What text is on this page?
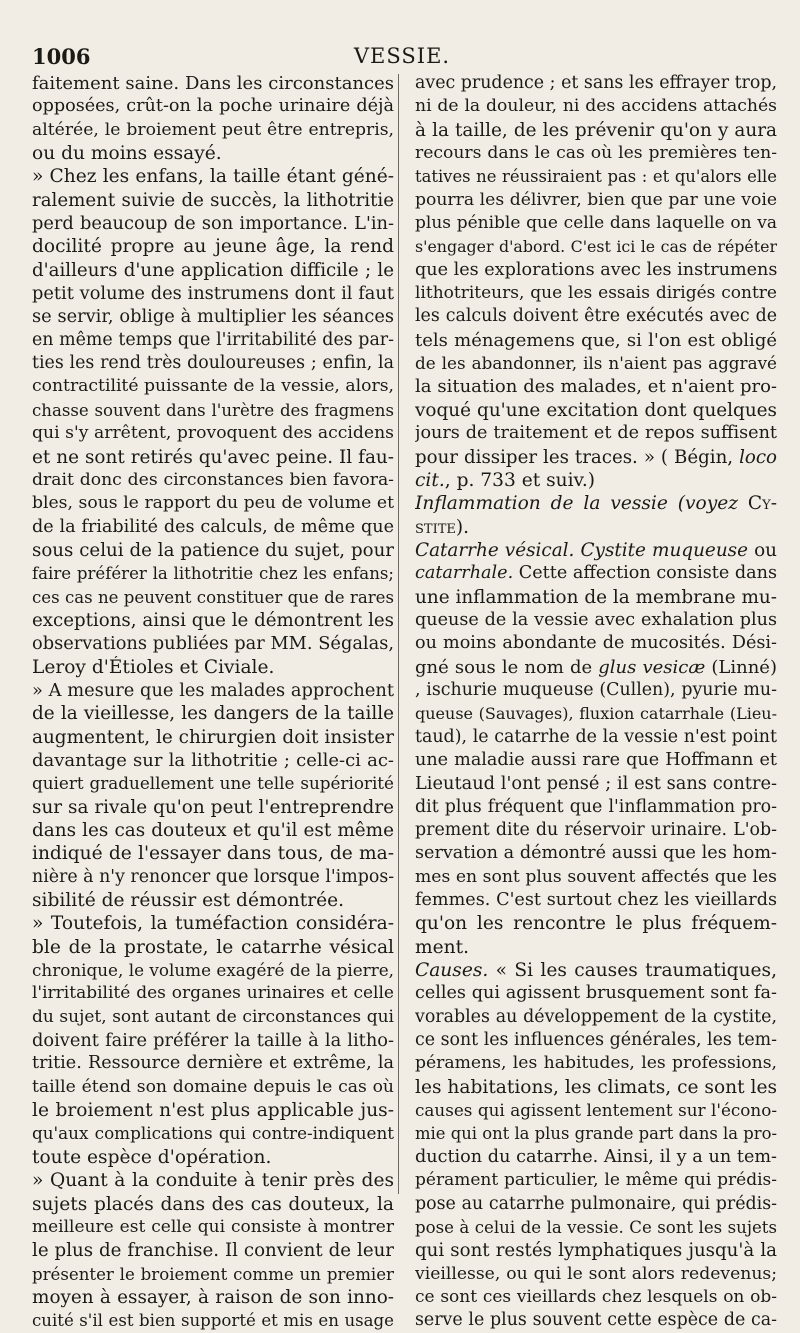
1006	VESSIE.
faitement saine. Dans les circonstances
opposées, crût-on la poche urinaire déjà
altérée, le broiement peut être entrepris,
ou du moins essayé.
» Chez les enfans, la taille étant géné-
ralement suivie de succès, la lithotritie
perd beaucoup de son importance. L'in-
docilité propre au jeune âge, la rend
d'ailleurs d'une application difficile ; le
petit volume des instrumens dont il faut
se servir, oblige à multiplier les séances
en même temps que l'irritabilité des par-
ties les rend très douloureuses ; enfin, la
contractilité puissante de la vessie, alors,
chasse souvent dans l'urètre des fragmens
qui s'y arrêtent, provoquent des accidens
et ne sont retirés qu'avec peine. Il fau-
drait donc des circonstances bien favora-
bles, sous le rapport du peu de volume et
de la friabilité des calculs, de même que
sous celui de la patience du sujet, pour
faire préférer la lithotritie chez les enfans;
ces cas ne peuvent constituer que de rares
exceptions, ainsi que le démontrent les
observations publiées par MM. Ségalas,
Leroy d'Étioles et Civiale.
» A mesure que les malades approchent
de la vieillesse, les dangers de la taille
augmentent, le chirurgien doit insister
davantage sur la lithotritie ; celle-ci ac-
quiert graduellement une telle supériorité
sur sa rivale qu'on peut l'entreprendre
dans les cas douteux et qu'il est même
indiqué de l'essayer dans tous, de ma-
nière à n'y renoncer que lorsque l'impos-
sibilité de réussir est démontrée.
» Toutefois, la tuméfaction considéra-
ble de la prostate, le catarrhe vésical
chronique, le volume exagéré de la pierre,
l'irritabilité des organes urinaires et celle
du sujet, sont autant de circonstances qui
doivent faire préférer la taille à la litho-
tritie. Ressource dernière et extrême, la
taille étend son domaine depuis le cas où
le broiement n'est plus applicable jus-
qu'aux complications qui contre-indiquent
toute espèce d'opération.
» Quant à la conduite à tenir près des
sujets placés dans des cas douteux, la
meilleure est celle qui consiste à montrer
le plus de franchise. Il convient de leur
présenter le broiement comme un premier
moyen à essayer, à raison de son inno-
cuité s'il est bien supporté et mis en usage
avec prudence ; et sans les effrayer trop,
ni de la douleur, ni des accidens attachés
à la taille, de les prévenir qu'on y aura
recours dans le cas où les premières ten-
tatives ne réussiraient pas : et qu'alors elle
pourra les délivrer, bien que par une voie
plus pénible que celle dans laquelle on va
s'engager d'abord. C'est ici le cas de répéter
que les explorations avec les instrumens
lithotriteurs, que les essais dirigés contre
les calculs doivent être exécutés avec de
tels ménagemens que, si l'on est obligé
de les abandonner, ils n'aient pas aggravé
la situation des malades, et n'aient pro-
voqué qu'une excitation dont quelques
jours de traitement et de repos suffisent
pour dissiper les traces. » ( Bégin, loco
cit., p. 733 et suiv.)
Inflammation de la vessie (voyez Cy-
stite).
Catarrhe vésical. Cystite muqueuse ou
catarrhale. Cette affection consiste dans
une inflammation de la membrane mu-
queuse de la vessie avec exhalation plus
ou moins abondante de mucosités. Dési-
gné sous le nom de glus vesicæ (Linné)
, ischurie muqueuse (Cullen), pyurie mu-
queuse (Sauvages), fluxion catarrhale (Lieu-
taud), le catarrhe de la vessie n'est point
une maladie aussi rare que Hoffmann et
Lieutaud l'ont pensé ; il est sans contre-
dit plus fréquent que l'inflammation pro-
prement dite du réservoir urinaire. L'ob-
servation a démontré aussi que les hom-
mes en sont plus souvent affectés que les
femmes. C'est surtout chez les vieillards
qu'on les rencontre le plus fréquem-
ment.
Causes. « Si les causes traumatiques,
celles qui agissent brusquement sont fa-
vorables au développement de la cystite,
ce sont les influences générales, les tem-
péramens, les habitudes, les professions,
les habitations, les climats, ce sont les
causes qui agissent lentement sur l'écono-
mie qui ont la plus grande part dans la pro-
duction du catarrhe. Ainsi, il y a un tem-
pérament particulier, le même qui prédis-
pose au catarrhe pulmonaire, qui prédis-
pose à celui de la vessie. Ce sont les sujets
qui sont restés lymphatiques jusqu'à la
vieillesse, ou qui le sont alors redevenus;
ce sont ces vieillards chez lesquels on ob-
serve le plus souvent cette espèce de ca-
